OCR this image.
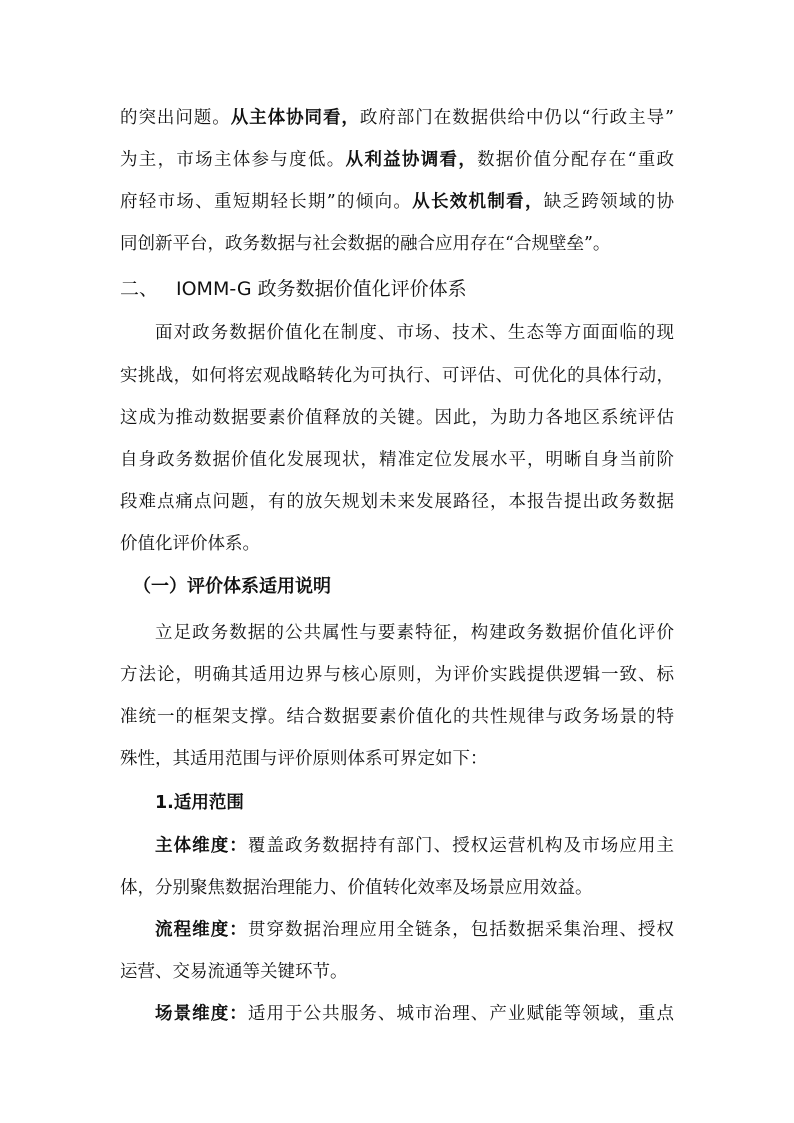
的突出问题。从主体协同看，政府部门在数据供给中仍以“行政主导”
为主，市场主体参与度低。从利益协调看，数据价值分配存在“重政
府轻市场、重短期轻长期”的倾向。从长效机制看，缺乏跨领域的协
同创新平台，政务数据与社会数据的融合应用存在“合规壁垒”。
二、 IOMM-G 政务数据价值化评价体系
面对政务数据价值化在制度、市场、技术、生态等方面面临的现
实挑战，如何将宏观战略转化为可执行、可评估、可优化的具体行动，
这成为推动数据要素价值释放的关键。因此，为助力各地区系统评估
自身政务数据价值化发展现状，精准定位发展水平，明晰自身当前阶
段难点痛点问题，有的放矢规划未来发展路径，本报告提出政务数据
价值化评价体系。
（一）评价体系适用说明
立足政务数据的公共属性与要素特征，构建政务数据价值化评价
方法论，明确其适用边界与核心原则，为评价实践提供逻辑一致、标
准统一的框架支撑。结合数据要素价值化的共性规律与政务场景的特
殊性，其适用范围与评价原则体系可界定如下：
1.适用范围
主体维度：覆盖政务数据持有部门、授权运营机构及市场应用主
体，分别聚焦数据治理能力、价值转化效率及场景应用效益。
流程维度：贯穿数据治理应用全链条，包括数据采集治理、授权
运营、交易流通等关键环节。
场景维度：适用于公共服务、城市治理、产业赋能等领域，重点
